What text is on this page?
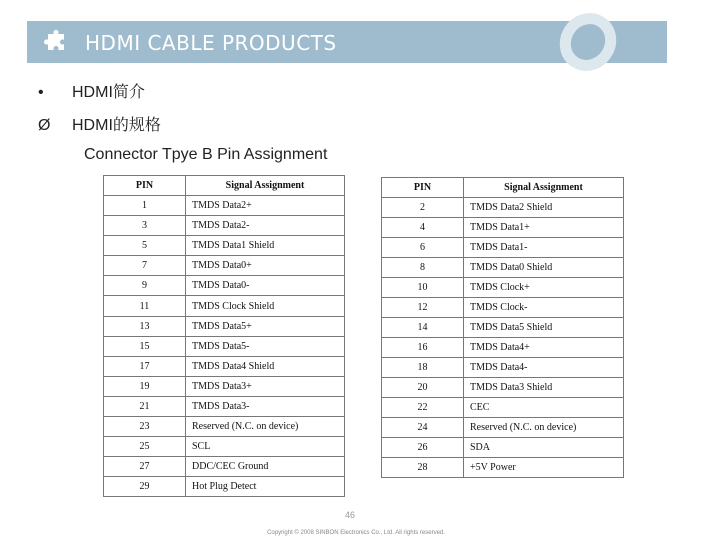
HDMI CABLE PRODUCTS
• HDMI简介
Ø HDMI的规格
Connector Tpye B Pin Assignment
PIN	Signal Assignment
1	TMDS Data2+
3	TMDS Data2-
5	TMDS Data1 Shield
7	TMDS Data0+
9	TMDS Data0-
11	TMDS Clock Shield
13	TMDS Data5+
15	TMDS Data5-
17	TMDS Data4 Shield
19	TMDS Data3+
21	TMDS Data3-
23	Reserved (N.C. on device)
25	SCL
27	DDC/CEC Ground
29	Hot Plug Detect
PIN	Signal Assignment
2	TMDS Data2 Shield
4	TMDS Data1+
6	TMDS Data1-
8	TMDS Data0 Shield
10	TMDS Clock+
12	TMDS Clock-
14	TMDS Data5 Shield
16	TMDS Data4+
18	TMDS Data4-
20	TMDS Data3 Shield
22	CEC
24	Reserved (N.C. on device)
26	SDA
28	+5V Power
46
Copyright © 2008 SINBON Electronics Co., Ltd. All rights reserved.
